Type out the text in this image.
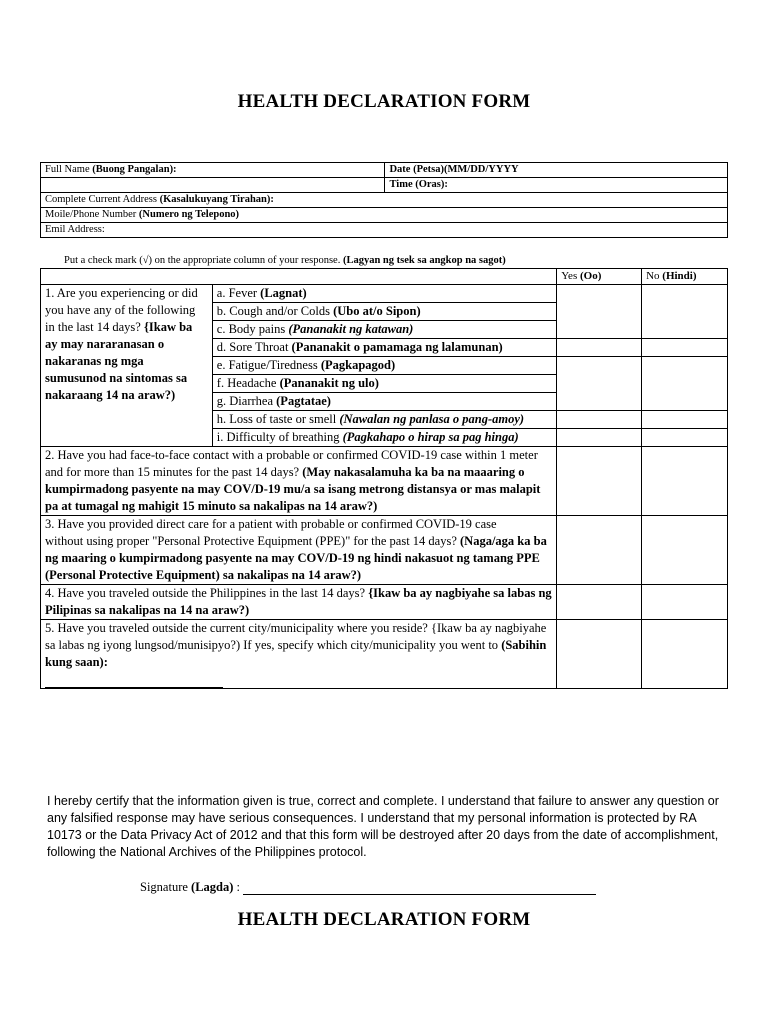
HEALTH DECLARATION FORM
Full Name (Buong Pangalan):	Date (Petsa)(MM/DD/YYYY
	Time (Oras):
Complete Current Address (Kasalukuyang Tirahan):	
Moile/Phone Number (Numero ng Telepono)	
Emil Address:	
Put a check mark (√) on the appropriate column of your response. (Lagyan ng tsek sa angkop na sagot)
		Yes (Oo)	No (Hindi)
1. Are you experiencing or did you have any of the following in the last 14 days? {Ikaw ba ay may nararanasan o nakaranas ng mga sumusunod na sintomas sa nakaraang 14 na araw?)	a. Fever (Lagnat)		
	b. Cough and/or Colds (Ubo at/o Sipon)		
	c. Body pains (Pananakit ng katawan)		
	d. Sore Throat (Pananakit o pamamaga ng lalamunan)		
	e. Fatigue/Tiredness (Pagkapagod)		
	f. Headache (Pananakit ng ulo)		
	g. Diarrhea (Pagtatae)		
	h. Loss of taste or smell (Nawalan ng panlasa o pang-amoy)		
	i. Difficulty of breathing (Pagkahapo o hirap sa pag hinga)		
2. Have you had face-to-face contact with a probable or confirmed COVID-19 case within 1 meter and for more than 15 minutes for the past 14 days? (May nakasalamuha ka ba na maaaring o kumpirmadong pasyente na may COV/D-19 mu/a sa isang metrong distansya or mas malapit pa at tumagal ng mahigit 15 minuto sa nakalipas na 14 araw?)			
3. Have you provided direct care for a patient with probable or confirmed COVID-19 case
without using proper "Personal Protective Equipment (PPE)" for the past 14 days? (Naga/aga ka ba ng maaring o kumpirmadong pasyente na may COV/D-19 ng hindi nakasuot ng tamang PPE (Personal Protective Equipment) sa nakalipas na 14 araw?)			
4. Have you traveled outside the Philippines in the last 14 days? {Ikaw ba ay nagbiyahe sa labas ng Pilipinas sa nakalipas na 14 na araw?)			
5. Have you traveled outside the current city/municipality where you reside? {Ikaw ba ay nagbiyahe sa labas ng iyong lungsod/munisipyo?) If yes, specify which city/municipality you went to (Sabihin kung saan):	

I hereby certify that the information given is true, correct and complete. I understand that failure to answer any question or any falsified response may have serious consequences. I understand that my personal information is protected by RA 10173 or the Data Privacy Act of 2012 and that this form will be destroyed after 20 days from the date of accomplishment, following the National Archives of the Philippines protocol.
Signature (Lagda) :
HEALTH DECLARATION FORM
